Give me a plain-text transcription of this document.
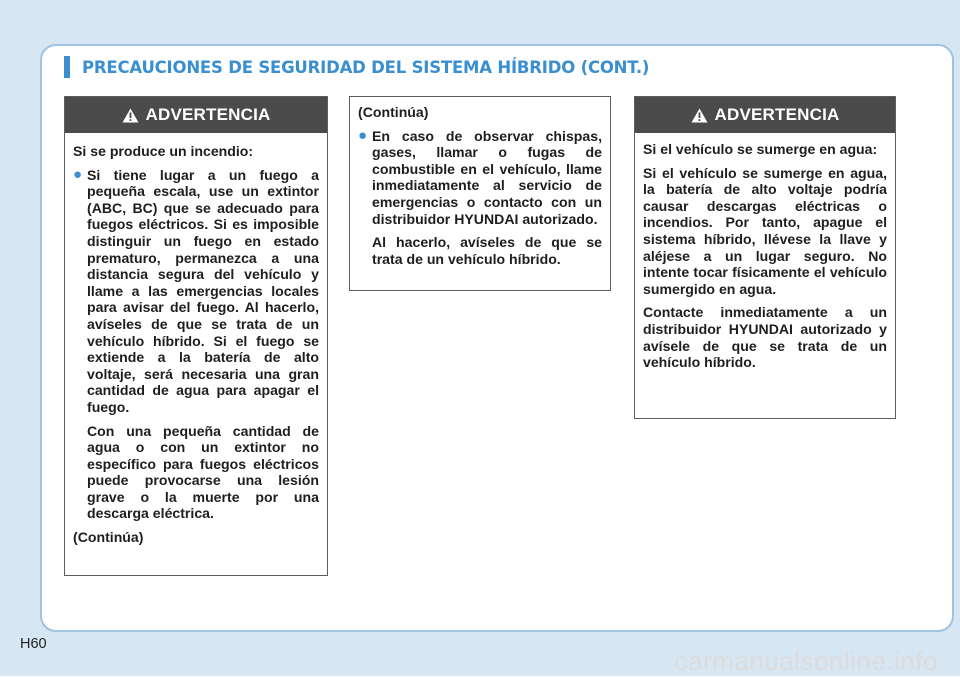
PRECAUCIONES DE SEGURIDAD DEL SISTEMA HÍBRIDO (CONT.)
ADVERTENCIA

Si se produce un incendio:

● Si tiene lugar a un fuego a pequeña escala, use un extintor (ABC, BC) que se adecuado para fuegos eléctricos. Si es imposible distinguir un fuego en estado prematuro, permanezca a una distancia segura del vehículo y llame a las emergencias locales para avisar del fuego. Al hacerlo, avíseles de que se trata de un vehículo híbrido. Si el fuego se extiende a la batería de alto voltaje, será necesaria una gran cantidad de agua para apagar el fuego.

Con una pequeña cantidad de agua o con un extintor no específico para fuegos eléctricos puede provocarse una lesión grave o la muerte por una descarga eléctrica.

(Continúa)

(Continúa)

● En caso de observar chispas, gases, llamar o fugas de combustible en el vehículo, llame inmediatamente al servicio de emergencias o contacto con un distribuidor HYUNDAI autorizado.

Al hacerlo, avíseles de que se trata de un vehículo híbrido.

ADVERTENCIA

Si el vehículo se sumerge en agua:

Si el vehículo se sumerge en agua, la batería de alto voltaje podría causar descargas eléctricas o incendios. Por tanto, apague el sistema híbrido, llévese la llave y aléjese a un lugar seguro. No intente tocar físicamente el vehículo sumergido en agua.

Contacte inmediatamente a un distribuidor HYUNDAI autorizado y avísele de que se trata de un vehículo híbrido.

H60
carmanualsonline.info
